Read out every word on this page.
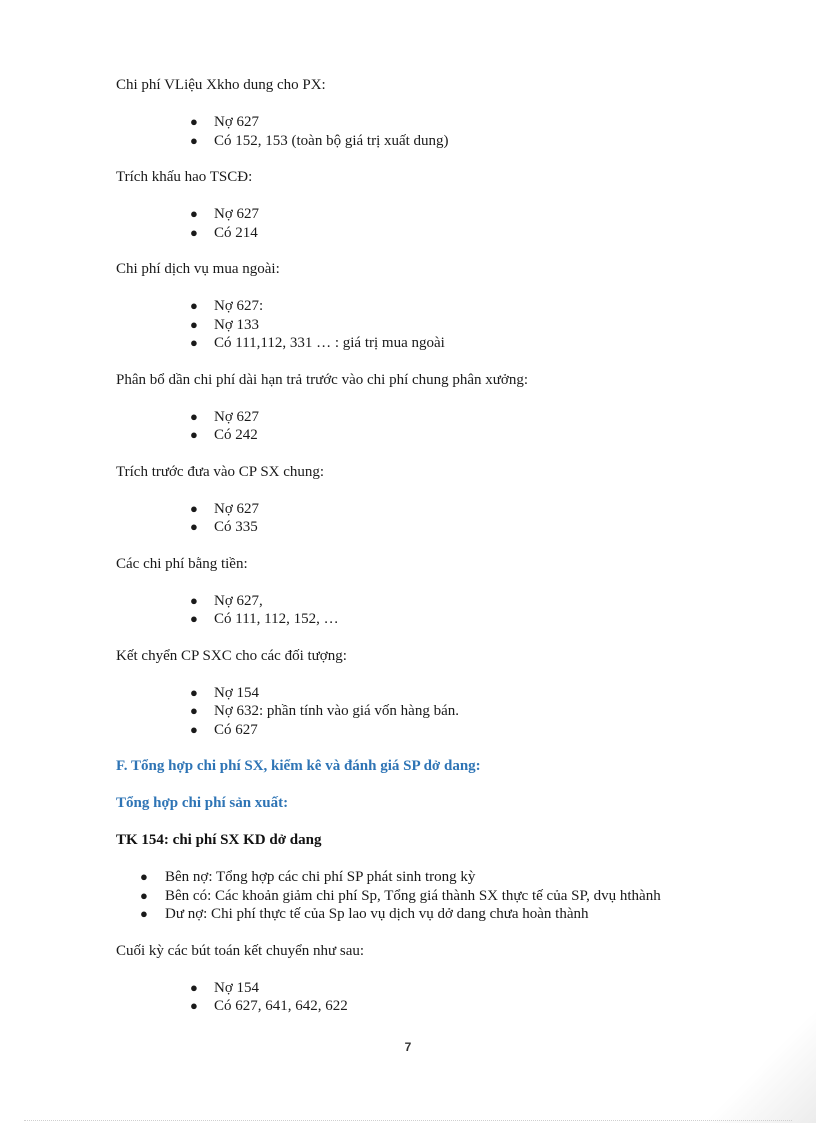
Chi phí VLiệu Xkho dung cho PX:

● Nợ 627
● Có 152, 153 (toàn bộ giá trị xuất dung)

Trích khấu hao TSCĐ:

● Nợ 627
● Có 214

Chi phí dịch vụ mua ngoài:

● Nợ 627:
● Nợ 133
● Có 111,112, 331 … : giá trị mua ngoài

Phân bổ dần chi phí dài hạn trả trước vào chi phí chung phân xưởng:

● Nợ 627
● Có 242

Trích trước đưa vào CP SX chung:

● Nợ 627
● Có 335

Các chi phí bằng tiền:

● Nợ 627,
● Có 111, 112, 152, …

Kết chyển CP SXC cho các đối tượng:

● Nợ 154
● Nợ 632: phần tính vào giá vốn hàng bán.
● Có 627
F. Tổng hợp chi phí SX, kiểm kê và đánh giá SP dở dang:
Tổng hợp chi phí sản xuất:
TK 154: chi phí SX KD dở dang
● Bên nợ: Tổng hợp các chi phí SP phát sinh trong kỳ
● Bên có: Các khoản giảm chi phí Sp, Tổng giá thành SX thực tế của SP, dvụ hthành
● Dư nợ: Chi phí thực tế của Sp lao vụ dịch vụ dở dang chưa hoàn thành

Cuối kỳ các bút toán kết chuyển như sau:

● Nợ 154
● Có 627, 641, 642, 622
7
